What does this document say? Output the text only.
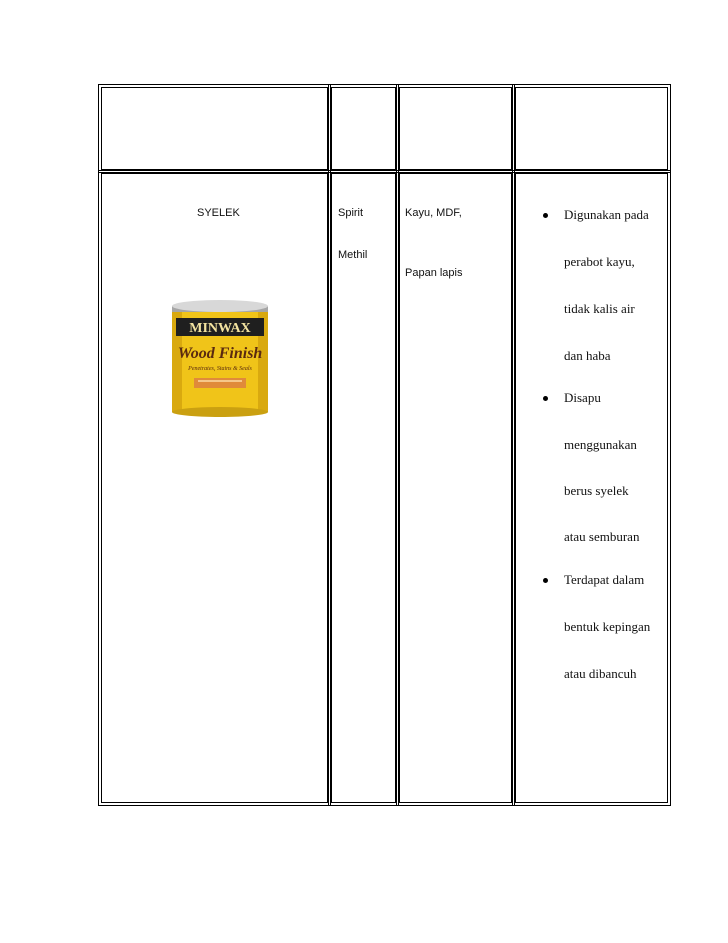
SYELEK
MINWAX
Wood Finish
Penetrates, Stains & Seals
Spirit
Methil
Kayu, MDF,
Papan lapis
Digunakan pada
perabot kayu,
tidak kalis air
dan haba
Disapu
menggunakan
berus syelek
atau semburan
Terdapat dalam
bentuk kepingan
atau dibancuh
